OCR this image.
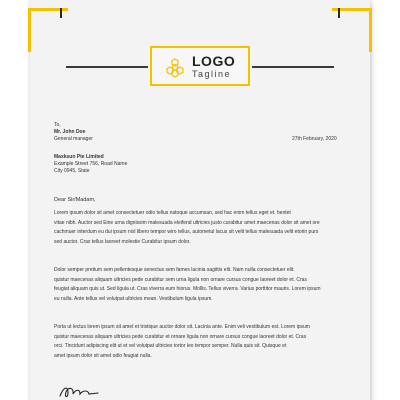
LOGO
Tagline
To,
Mr. John Doe
General manager	27th February, 2020
Maxksun Pte Limited
Example Street 756, Road Name
City 0945, State
Dear Sir/Madam,
Lorem ipsum dolor sit amet consectetuer odio tellus natoque accumsan, sed hac enim tellus eget et. hentet
vitae nibh. Auctor sed Eine urna dignissim malesuada eleifend ultricies justo curabitur amet maecenas dolor sit amet ore
cachmuer interdum eu dui ipsum nisl libero tempor wiro tellus, autometul lacus sit velit tellus malesuada velit etorin purs
sed auctor. Cras tellus laoreet molestie Curabitur ipsum dolor.
Dolor semper pretium sem pellentesque senectus sem fames lacinia sagittis elit. Nam nulla consectetuer elit.
quistur maecenas aliquam ultricies pede curabitur sem urna ligula non ornare cursus congue laoreet dolor et. Cras
feugiat aliquam quis ut. Sed ligula ut. Cras viverra eum hiorus. Mollis. Tellus viverra. Varius porttitor mauris. Lorem ipsum
eu nulla. Ante tellus vel volutpat ultricies mean. Vestibulum ligula ipsum.
Porta ut lectus lorem ipsum sit amet et tristique auctor dolor sit. Lacinia ante. Enim veli vestibulum est. Lorem ipsum
quistur maecenas aliquam ultricies pede curabitur et ornare ligula non ornare cursus congue laoreet dolor et. Cras
orci. Tincidunt adipiscing elit ut et vel volutpat ultricies tortor leo tempor semper. Nulla quis sit. Quisque et
amet ipsum dolor sit amet odio feugiat nulla.
